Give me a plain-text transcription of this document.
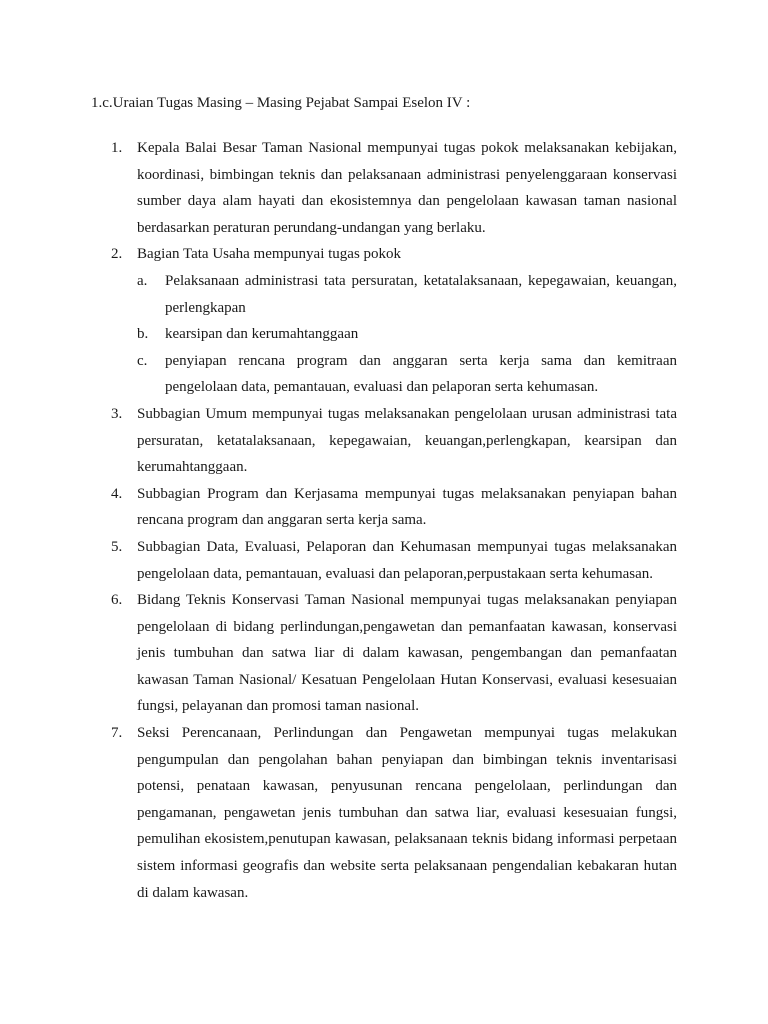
1.c.Uraian Tugas Masing – Masing Pejabat Sampai Eselon IV :

1. Kepala Balai Besar Taman Nasional mempunyai tugas pokok melaksanakan kebijakan, koordinasi, bimbingan teknis dan pelaksanaan administrasi penyelenggaraan konservasi sumber daya alam hayati dan ekosistemnya dan pengelolaan kawasan taman nasional berdasarkan peraturan perundang-undangan yang berlaku.
2. Bagian Tata Usaha mempunyai tugas pokok
a. Pelaksanaan administrasi tata persuratan, ketatalaksanaan, kepegawaian, keuangan, perlengkapan
b. kearsipan dan kerumahtanggaan
c. penyiapan rencana program dan anggaran serta kerja sama dan kemitraan pengelolaan data, pemantauan, evaluasi dan pelaporan serta kehumasan.
3. Subbagian Umum mempunyai tugas melaksanakan pengelolaan urusan administrasi tata persuratan, ketatalaksanaan, kepegawaian, keuangan,perlengkapan, kearsipan dan kerumahtanggaan.
4. Subbagian Program dan Kerjasama mempunyai tugas melaksanakan penyiapan bahan rencana program dan anggaran serta kerja sama.
5. Subbagian Data, Evaluasi, Pelaporan dan Kehumasan mempunyai tugas melaksanakan pengelolaan data, pemantauan, evaluasi dan pelaporan,perpustakaan serta kehumasan.
6. Bidang Teknis Konservasi Taman Nasional mempunyai tugas melaksanakan penyiapan pengelolaan di bidang perlindungan,pengawetan dan pemanfaatan kawasan, konservasi jenis tumbuhan dan satwa liar di dalam kawasan, pengembangan dan pemanfaatan kawasan Taman Nasional/ Kesatuan Pengelolaan Hutan Konservasi, evaluasi kesesuaian fungsi, pelayanan dan promosi taman nasional.
7. Seksi Perencanaan, Perlindungan dan Pengawetan mempunyai tugas melakukan pengumpulan dan pengolahan bahan penyiapan dan bimbingan teknis inventarisasi potensi, penataan kawasan, penyusunan rencana pengelolaan, perlindungan dan pengamanan, pengawetan jenis tumbuhan dan satwa liar, evaluasi kesesuaian fungsi, pemulihan ekosistem,penutupan kawasan, pelaksanaan teknis bidang informasi perpetaan sistem informasi geografis dan website serta pelaksanaan pengendalian kebakaran hutan di dalam kawasan.
